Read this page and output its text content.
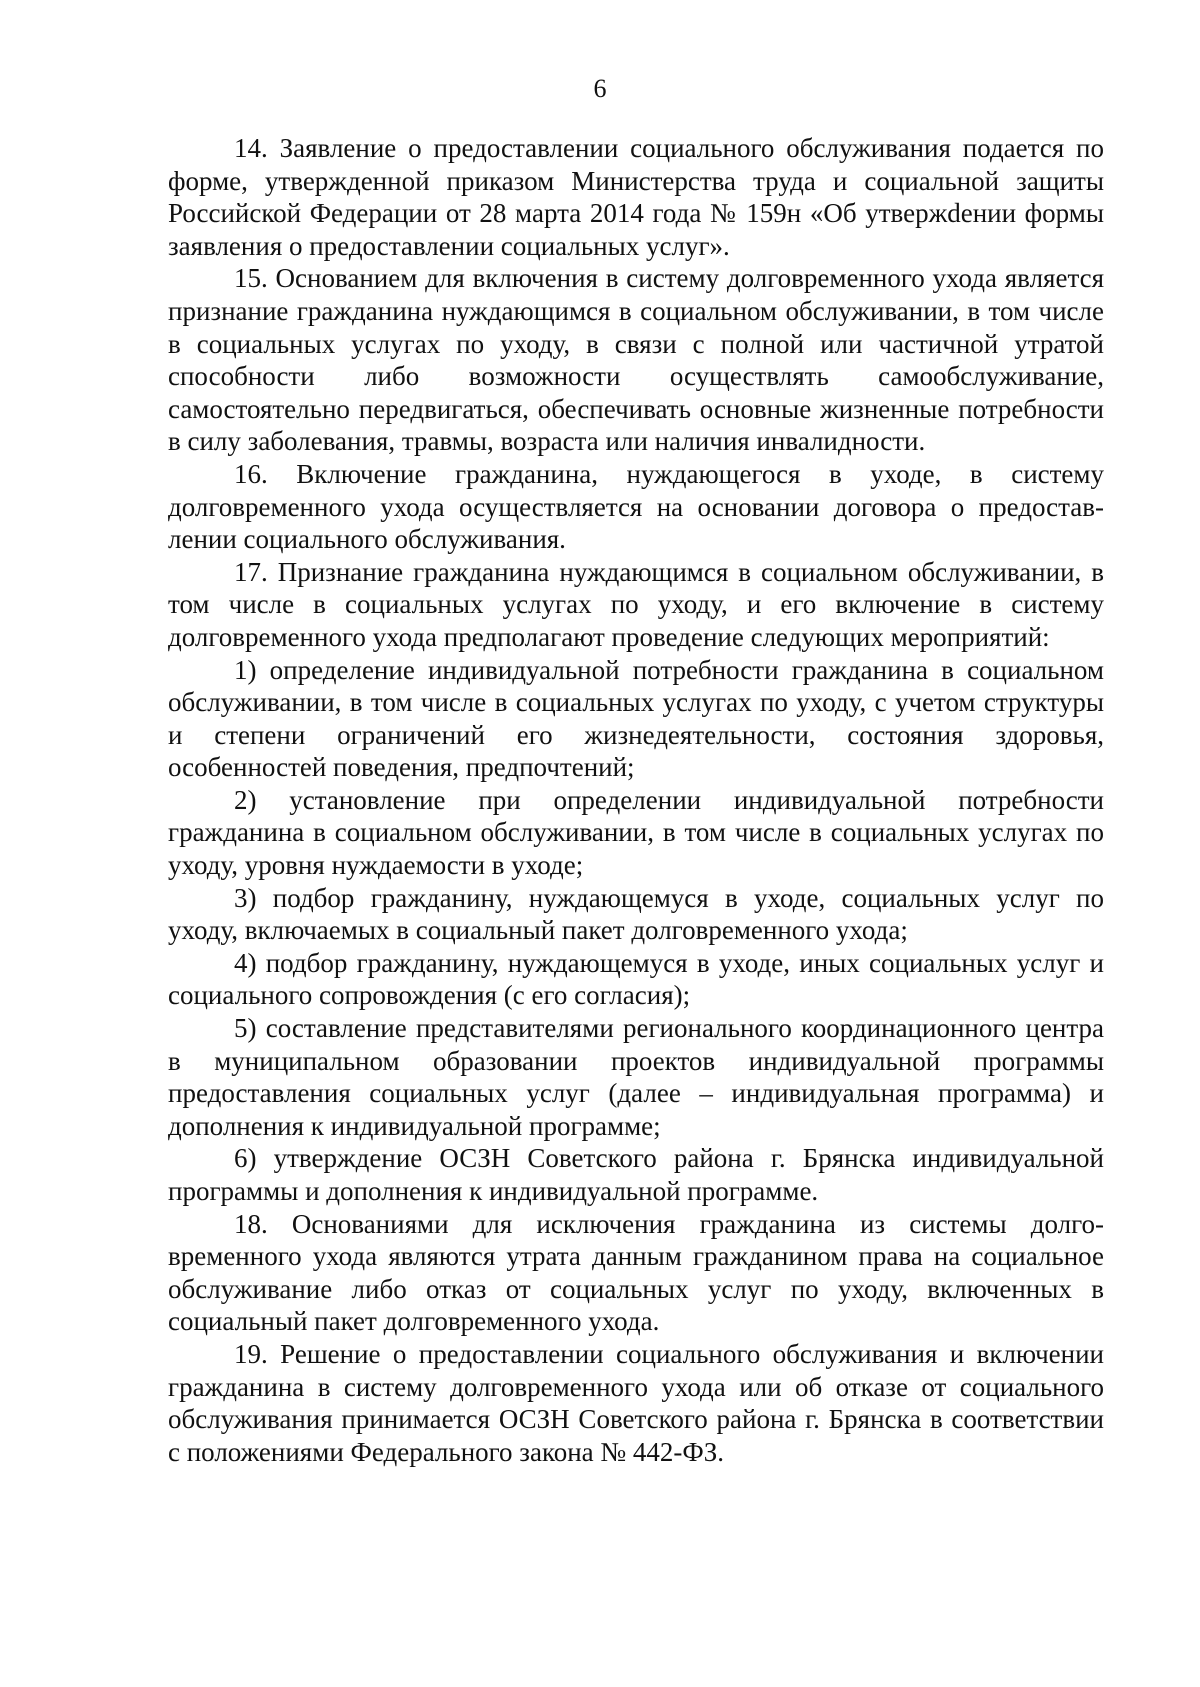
6

14. Заявление о предоставлении социального обслуживания подается по форме, утвержденной приказом Министерства труда и социальной защиты Российской Федерации от 28 марта 2014 года № 159н «Об утвержdении формы заявления о предоставлении социальных услуг».

15. Основанием для включения в систему долговременного ухода является признание гражданина нуждающимся в социальном обслуживании, в том числе в социальных услугах по уходу, в связи с полной или частичной утратой способности либо возможности осуществлять самообслуживание, самостоятельно передвигаться, обеспечивать основные жизненные потребности в силу заболевания, травмы, возраста или наличия инвалидности.

16. Включение гражданина, нуждающегося в уходе, в систему долговременного ухода осуществляется на основании договора о предоставлении социального обслуживания.

17. Признание гражданина нуждающимся в социальном обслуживании, в том числе в социальных услугах по уходу, и его включение в систему долговременного ухода предполагают проведение следующих мероприятий:

1) определение индивидуальной потребности гражданина в социальном обслуживании, в том числе в социальных услугах по уходу, с учетом структуры и степени ограничений его жизнедеятельности, состояния здоровья, особенностей поведения, предпочтений;

2) установление при определении индивидуальной потребности гражданина в социальном обслуживании, в том числе в социальных услугах по уходу, уровня нуждаемости в уходе;

3) подбор гражданину, нуждающемуся в уходе, социальных услуг по уходу, включаемых в социальный пакет долговременного ухода;

4) подбор гражданину, нуждающемуся в уходе, иных социальных услуг и социального сопровождения (с его согласия);

5) составление представителями регионального координационного центра в муниципальном образовании проектов индивидуальной программы предоставления социальных услуг (далее – индивидуальная программа) и дополнения к индивидуальной программе;

6) утверждение ОСЗН Советского района г. Брянска индивидуальной программы и дополнения к индивидуальной программе.

18. Основаниями для исключения гражданина из системы долговременного ухода являются утрата данным гражданином права на социальное обслуживание либо отказ от социальных услуг по уходу, включенных в социальный пакет долговременного ухода.

19. Решение о предоставлении социального обслуживания и включении гражданина в систему долговременного ухода или об отказе от социального обслуживания принимается ОСЗН Советского района г. Брянска в соответствии с положениями Федерального закона № 442-ФЗ.
